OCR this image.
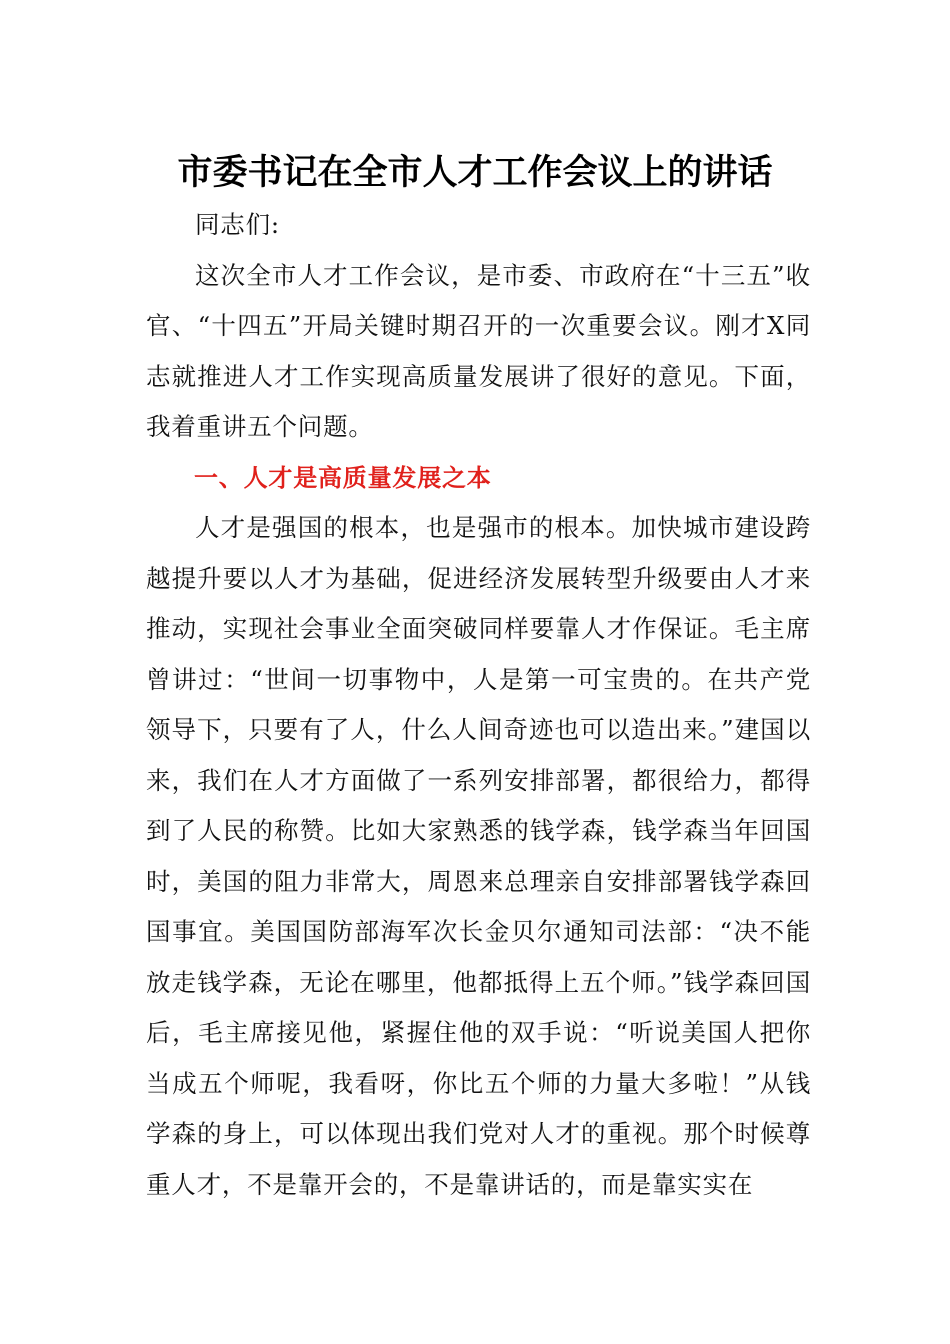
市委书记在全市人才工作会议上的讲话

同志们:

这次全市人才工作会议，是市委、市政府在“十三五”收官、“十四五”开局关键时期召开的一次重要会议。刚才X同志就推进人才工作实现高质量发展讲了很好的意见。下面，我着重讲五个问题。

一、人才是高质量发展之本

人才是强国的根本，也是强市的根本。加快城市建设跨越提升要以人才为基础，促进经济发展转型升级要由人才来推动，实现社会事业全面突破同样要靠人才作保证。毛主席曾讲过：“世间一切事物中，人是第一可宝贵的。在共产党领导下，只要有了人，什么人间奇迹也可以造出来。”建国以来，我们在人才方面做了一系列安排部署，都很给力，都得到了人民的称赞。比如大家熟悉的钱学森，钱学森当年回国时，美国的阻力非常大，周恩来总理亲自安排部署钱学森回国事宜。美国国防部海军次长金贝尔通知司法部：“决不能放走钱学森，无论在哪里，他都抵得上五个师。”钱学森回国后，毛主席接见他，紧握住他的双手说：“听说美国人把你当成五个师呢，我看呀，你比五个师的力量大多啦！”从钱学森的身上，可以体现出我们党对人才的重视。那个时候尊重人才，不是靠开会的，不是靠讲话的，而是靠实实在
